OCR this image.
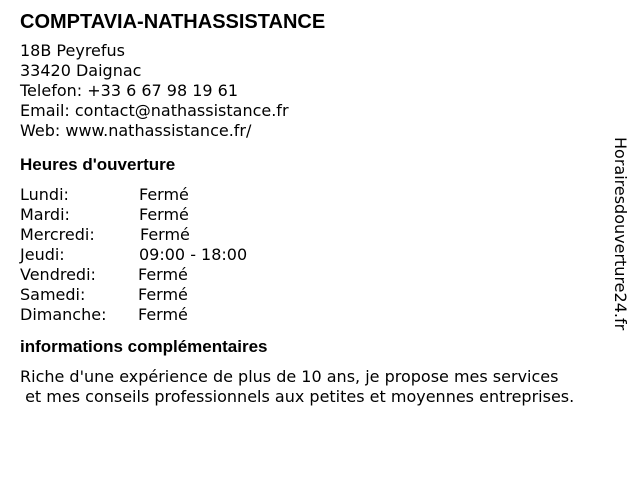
COMPTAVIA-NATHASSISTANCE
18B Peyrefus
33420 Daignac
Telefon: +33 6 67 98 19 61
Email: contact@nathassistance.fr
Web: www.nathassistance.fr/
Heures d'ouverture
Lundi:	Fermé
Mardi:	Fermé
Mercredi:	Fermé
Jeudi:	09:00 - 18:00
Vendredi:	Fermé
Samedi:	Fermé
Dimanche:	Fermé
informations complémentaires
Riche d'une expérience de plus de 10 ans, je propose mes services
et mes conseils professionnels aux petites et moyennes entreprises.
Horairesdouverture24.fr
